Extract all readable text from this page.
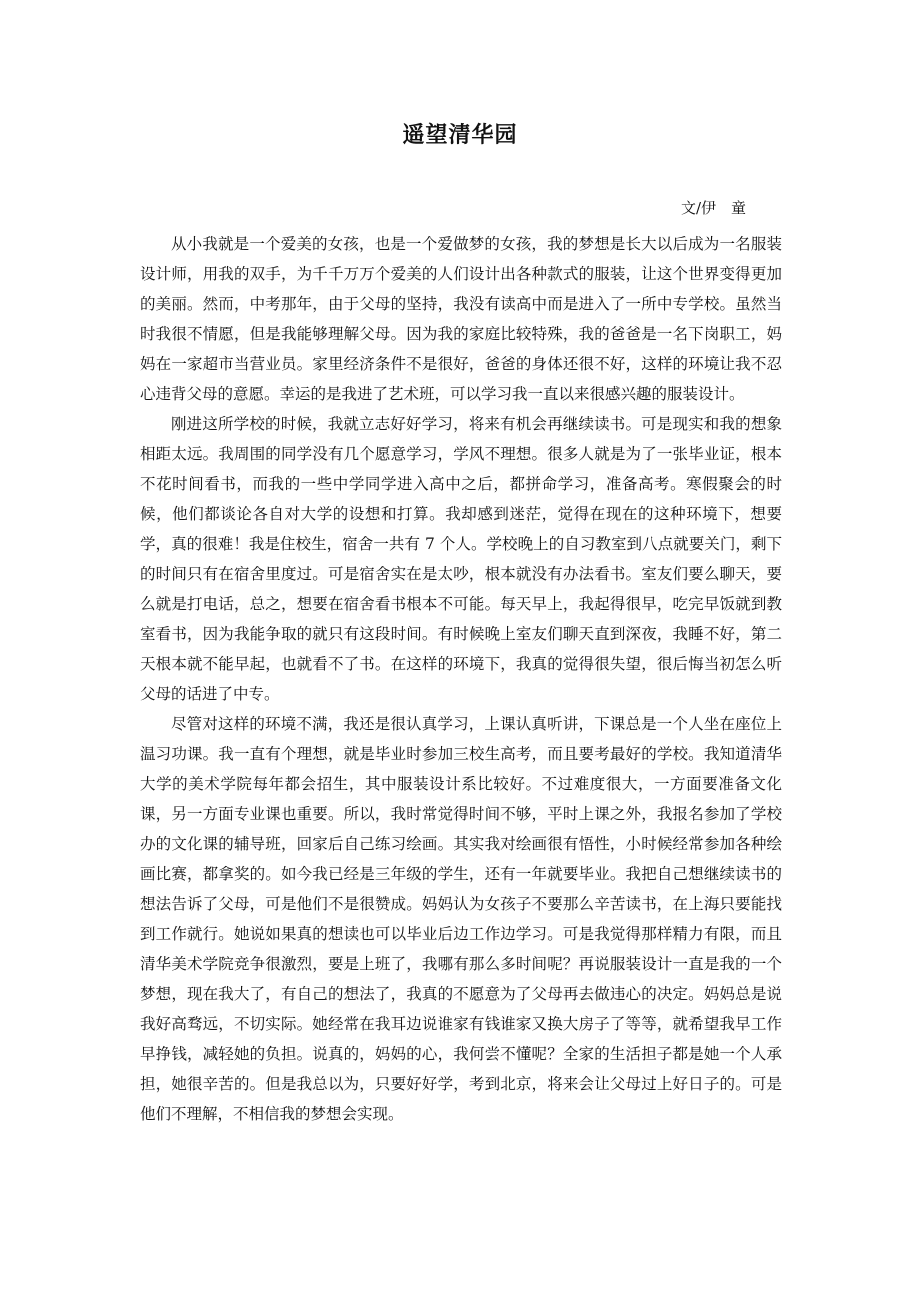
遥望清华园
文/伊　童

从小我就是一个爱美的女孩，也是一个爱做梦的女孩，我的梦想是长大以后成为一名服装设计师，用我的双手，为千千万万个爱美的人们设计出各种款式的服装，让这个世界变得更加的美丽。然而，中考那年，由于父母的坚持，我没有读高中而是进入了一所中专学校。虽然当时我很不情愿，但是我能够理解父母。因为我的家庭比较特殊，我的爸爸是一名下岗职工，妈妈在一家超市当营业员。家里经济条件不是很好，爸爸的身体还很不好，这样的环境让我不忍心违背父母的意愿。幸运的是我进了艺术班，可以学习我一直以来很感兴趣的服装设计。

刚进这所学校的时候，我就立志好好学习，将来有机会再继续读书。可是现实和我的想象相距太远。我周围的同学没有几个愿意学习，学风不理想。很多人就是为了一张毕业证，根本不花时间看书，而我的一些中学同学进入高中之后，都拼命学习，准备高考。寒假聚会的时候，他们都谈论各自对大学的设想和打算。我却感到迷茫，觉得在现在的这种环境下，想要学，真的很难！我是住校生，宿舍一共有 7 个人。学校晚上的自习教室到八点就要关门，剩下的时间只有在宿舍里度过。可是宿舍实在是太吵，根本就没有办法看书。室友们要么聊天，要么就是打电话，总之，想要在宿舍看书根本不可能。每天早上，我起得很早，吃完早饭就到教室看书，因为我能争取的就只有这段时间。有时候晚上室友们聊天直到深夜，我睡不好，第二天根本就不能早起，也就看不了书。在这样的环境下，我真的觉得很失望，很后悔当初怎么听父母的话进了中专。

尽管对这样的环境不满，我还是很认真学习，上课认真听讲，下课总是一个人坐在座位上温习功课。我一直有个理想，就是毕业时参加三校生高考，而且要考最好的学校。我知道清华大学的美术学院每年都会招生，其中服装设计系比较好。不过难度很大，一方面要准备文化课，另一方面专业课也重要。所以，我时常觉得时间不够，平时上课之外，我报名参加了学校办的文化课的辅导班，回家后自己练习绘画。其实我对绘画很有悟性，小时候经常参加各种绘画比赛，都拿奖的。如今我已经是三年级的学生，还有一年就要毕业。我把自己想继续读书的想法告诉了父母，可是他们不是很赞成。妈妈认为女孩子不要那么辛苦读书，在上海只要能找到工作就行。她说如果真的想读也可以毕业后边工作边学习。可是我觉得那样精力有限，而且清华美术学院竞争很激烈，要是上班了，我哪有那么多时间呢？再说服装设计一直是我的一个梦想，现在我大了，有自己的想法了，我真的不愿意为了父母再去做违心的决定。妈妈总是说我好高骛远，不切实际。她经常在我耳边说谁家有钱谁家又换大房子了等等，就希望我早工作早挣钱，减轻她的负担。说真的，妈妈的心，我何尝不懂呢？全家的生活担子都是她一个人承担，她很辛苦的。但是我总以为，只要好好学，考到北京，将来会让父母过上好日子的。可是他们不理解，不相信我的梦想会实现。
